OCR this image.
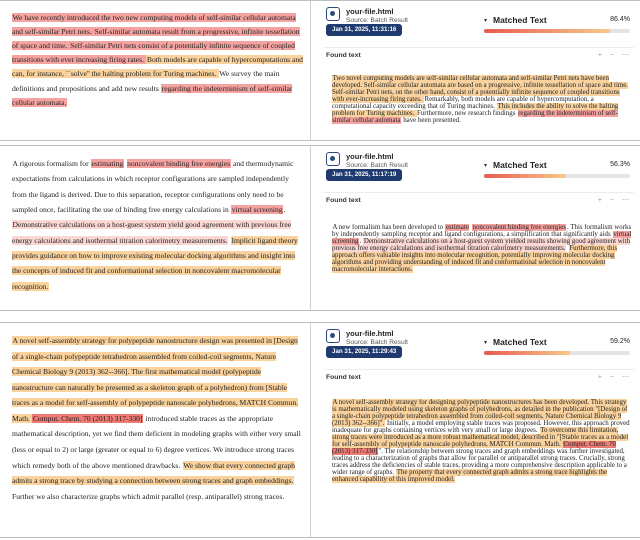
We have recently introduced the two new computing models of self-similar cellular automata and self-similar Petri nets. Self-similar automata result from a progressive, infinite tessellation of space and time. Self-similar Petri nets consist of a potentially infinite sequence of coupled transitions with ever increasing firing rates. Both models are capable of hypercomputations and can, for instance, ``solve'' the halting problem for Turing machines. We survey the main definitions and propositions and add new results regarding the indeterminism of self-similar cellular automata.
your-file.html
Source: Batch Result
Jan 31, 2025, 11:31:16
▾ Matched Text	86.4%
Found text	+ − ⋯
Two novel computing models are self-similar cellular automata and self-similar Petri nets have been developed. Self-similar cellular automata are based on a progressive, infinite tessellation of space and time. Self-similar Petri nets, on the other hand, consist of a potentially infinite sequence of coupled transitions with ever-increasing firing rates. Remarkably, both models are capable of hypercomputation, a computational capacity exceeding that of Turing machines. This includes the ability to solve the halting problem for Turing machines. Furthermore, new research findings regarding the indeterminism of self-similar cellular automata have been presented.
A rigorous formalism for estimating noncovalent binding free energies and thermodynamic expectations from calculations in which receptor configurations are sampled independently from the ligand is derived. Due to this separation, receptor configurations only need to be sampled once, facilitating the use of binding free energy calculations in virtual screening. Demonstrative calculations on a host-guest system yield good agreement with previous free energy calculations and isothermal titration calorimetry measurements. Implicit ligand theory provides guidance on how to improve existing molecular docking algorithms and insight into the concepts of induced fit and conformational selection in noncovalent macromolecular recognition.
your-file.html
Source: Batch Result
Jan 31, 2025, 11:17:19
▾ Matched Text	56.3%
Found text	+ − ⋯
A new formalism has been developed to estimate noncovalent binding free energies. This formalism works by independently sampling receptor and ligand configurations, a simplification that significantly aids virtual screening. Demonstrative calculations on a host-guest system yielded results showing good agreement with previous free energy calculations and isothermal titration calorimetry measurements. Furthermore, this approach offers valuable insights into molecular recognition, potentially improving molecular docking algorithms and providing understanding of induced fit and conformational selection in noncovalent macromolecular interactions.
A novel self-assembly strategy for polypeptide nanostructure design was presented in [Design of a single-chain polypeptide tetrahedron assembled from coiled-coil segments, Nature Chemical Biology 9 (2013) 362--366]. The first mathematical model (polypeptide nanostructure can naturally be presented as a skeleton graph of a polyhedron) from [Stable traces as a model for self-assembly of polypeptide nanoscale polyhedrons, MATCH Commun. Math. Comput. Chem. 70 (2013) 317-330] introduced stable traces as the appropriate mathematical description, yet we find them deficient in modeling graphs with either very small (less or equal to 2) or large (greater or equal to 6) degree vertices. We introduce strong traces which remedy both of the above mentioned drawbacks. We show that every connected graph admits a strong trace by studying a connection between strong traces and graph embeddings. Further we also characterize graphs which admit parallel (resp. antiparallel) strong traces.
your-file.html
Source: Batch Result
Jan 31, 2025, 11:29:43
▾ Matched Text	59.2%
Found text	+ − ⋯
A novel self-assembly strategy for designing polypeptide nanostructures has been developed. This strategy is mathematically modeled using skeleton graphs of polyhedrons, as detailed in the publication "[Design of a single-chain polypeptide tetrahedron assembled from coiled-coil segments, Nature Chemical Biology 9 (2013) 362--366]". Initially, a model employing stable traces was proposed. However, this approach proved inadequate for graphs containing vertices with very small or large degrees. To overcome this limitation, strong traces were introduced as a more robust mathematical model, described in "[Stable traces as a model for self-assembly of polypeptide nanoscale polyhedrons, MATCH Commun. Math. Comput. Chem. 70 (2013) 317-330]". The relationship between strong traces and graph embeddings was further investigated, leading to a characterization of graphs that allow for parallel or antiparallel strong traces. Crucially, strong traces address the deficiencies of stable traces, providing a more comprehensive description applicable to a wider range of graphs. The property that every connected graph admits a strong trace highlights the enhanced capability of this improved model.
